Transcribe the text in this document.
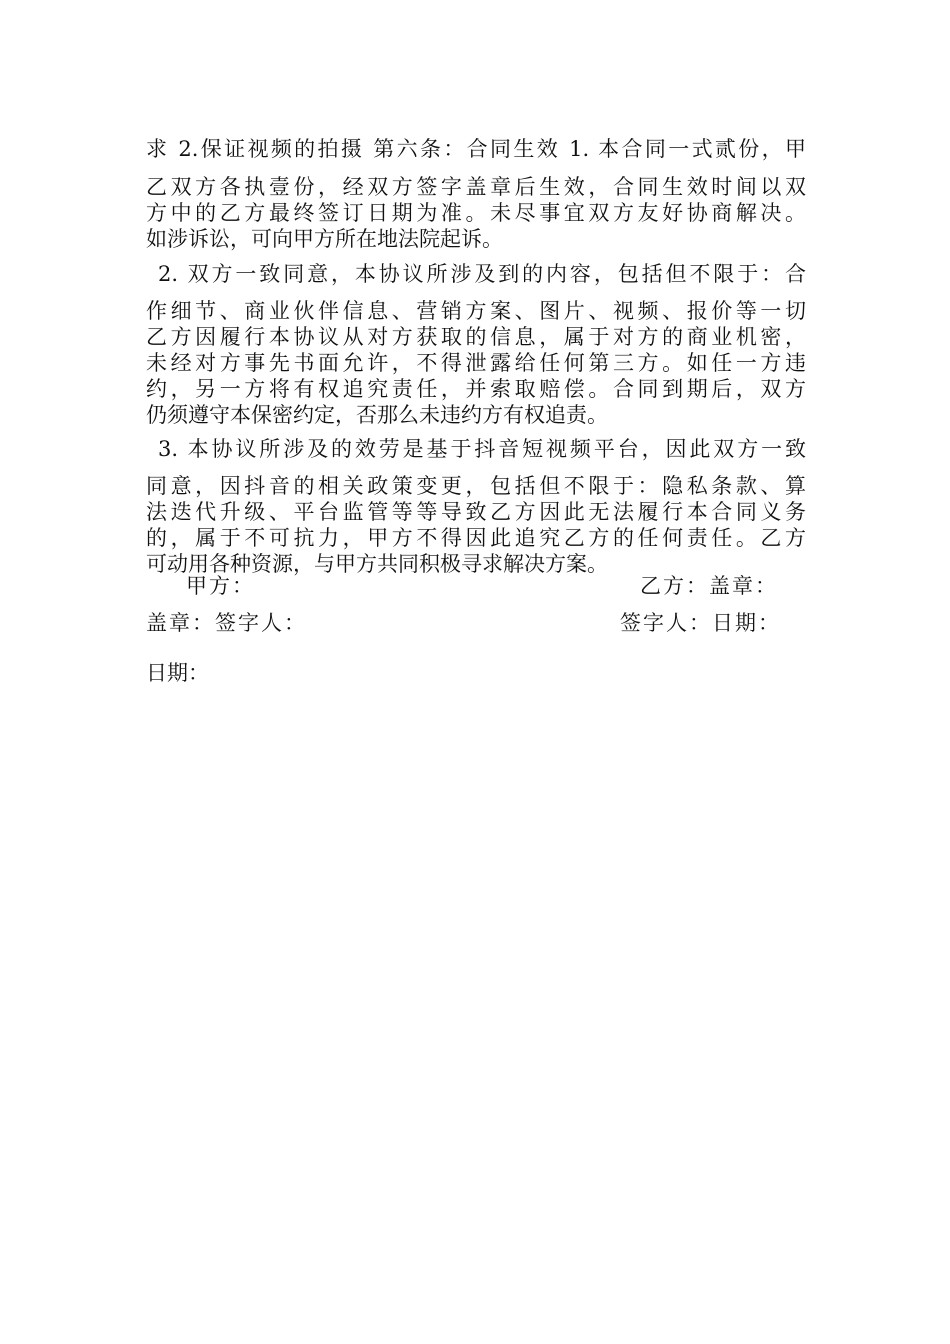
求 2.保证视频的拍摄 第六条：合同生效 1. 本合同一式贰份，甲
乙双方各执壹份，经双方签字盖章后生效，合同生效时间以双
方中的乙方最终签订日期为准。未尽事宜双方友好协商解决。
如涉诉讼，可向甲方所在地法院起诉。
2. 双方一致同意，本协议所涉及到的内容，包括但不限于：合
作细节、商业伙伴信息、营销方案、图片、视频、报价等一切
乙方因履行本协议从对方获取的信息，属于对方的商业机密，
未经对方事先书面允许，不得泄露给任何第三方。如任一方违
约，另一方将有权追究责任，并索取赔偿。合同到期后，双方
仍须遵守本保密约定，否那么未违约方有权追责。
3. 本协议所涉及的效劳是基于抖音短视频平台，因此双方一致
同意，因抖音的相关政策变更，包括但不限于：隐私条款、算
法迭代升级、平台监管等等导致乙方因此无法履行本合同义务
的，属于不可抗力，甲方不得因此追究乙方的任何责任。乙方
可动用各种资源，与甲方共同积极寻求解决方案。
甲方：	乙方：盖章：
盖章：签字人：	签字人：日期：
日期：
